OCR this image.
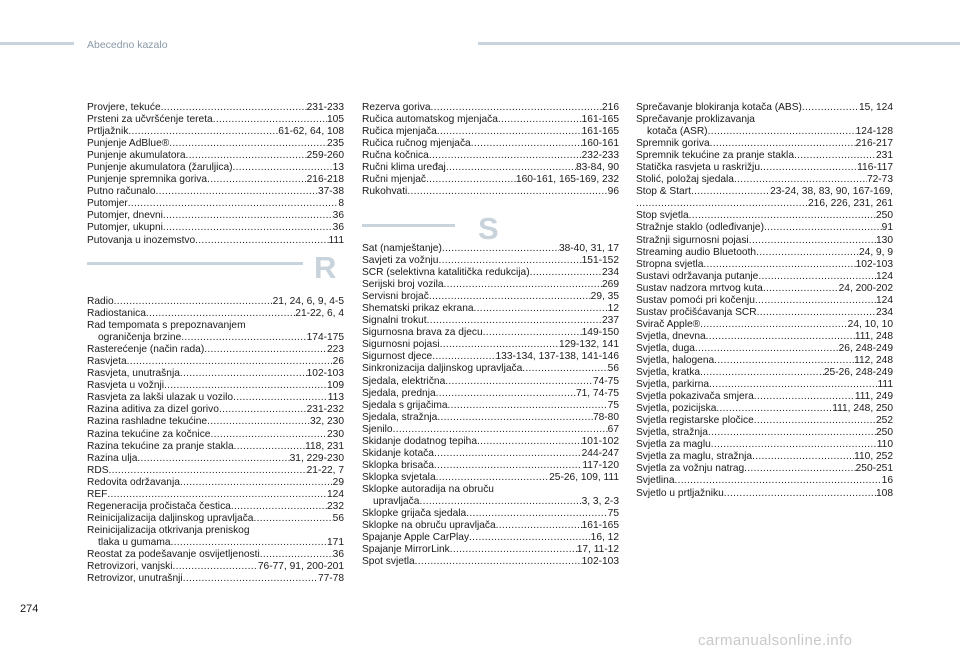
Abecedno kazalo
Provjere, tekuće .....	231-233
Prsteni za učvršćenje tereta .....	105
Prtljažnik .....	61-62, 64, 108
Punjenje AdBlue® .....	235
Punjenje akumulatora .....	259-260
Punjenje akumulatora (žaruljica) .....	13
Punjenje spremnika goriva .....	216-218
Putno računalo .....	37-38
Putomjer .....	8
Putomjer, dnevni .....	36
Putomjer, ukupni .....	36
Putovanja u inozemstvo .....	111
R
Radio .....	21, 24, 6, 9, 4-5
Radiostanica .....	21-22, 6, 4
Rad tempomata s prepoznavanjem
ograničenja brzine .....	174-175
Rasterećenje (način rada) .....	223
Rasvjeta .....	26
Rasvjeta, unutrašnja .....	102-103
Rasvjeta u vožnji .....	109
Rasvjeta za lakši ulazak u vozilo .....	113
Razina aditiva za dizel gorivo .....	231-232
Razina rashladne tekućine .....	32, 230
Razina tekućine za kočnice .....	230
Razina tekućine za pranje stakla .....	118, 231
Razina ulja .....	31, 229-230
RDS .....	21-22, 7
Redovita održavanja .....	29
REF .....	124
Regeneracija pročistača čestica .....	232
Reinicijalizacija daljinskog upravljača .....	56
Reinicijalizacija otkrivanja preniskog
tlaka u gumama .....	171
Reostat za podešavanje osvijetljenosti .....	36
Retrovizori, vanjski .....	76-77, 91, 200-201
Retrovizor, unutrašnji .....	77-78
Rezerva goriva .....	216
Ručica automatskog mjenjača .....	161-165
Ručica mjenjača .....	161-165
Ručica ručnog mjenjača .....	160-161
Ručna kočnica .....	232-233
Ručni klima uređaj .....	83-84, 90
Ručni mjenjač .....	160-161, 165-169, 232
Rukohvati .....	96
S
Sat (namještanje) .....	38-40, 31, 17
Savjeti za vožnju .....	151-152
SCR (selektivna katalitička redukcija) .....	234
Serijski broj vozila .....	269
Servisni brojač .....	29, 35
Shematski prikaz ekrana .....	12
Signalni trokut .....	237
Sigurnosna brava za djecu .....	149-150
Sigurnosni pojasi .....	129-132, 141
Sigurnost djece .....	133-134, 137-138, 141-146
Sinkronizacija daljinskog upravljača .....	56
Sjedala, električna .....	74-75
Sjedala, prednja .....	71, 74-75
Sjedala s grijačima .....	75
Sjedala, stražnja .....	78-80
Sjenilo .....	67
Skidanje dodatnog tepiha .....	101-102
Skidanje kotača .....	244-247
Sklopka brisača .....	117-120
Sklopka svjetala .....	25-26, 109, 111
Sklopke autoradija na obruču
upravljača .....	3, 3, 2-3
Sklopke grijača sjedala .....	75
Sklopke na obruču upravljača .....	161-165
Spajanje Apple CarPlay .....	16, 12
Spajanje MirrorLink .....	17, 11-12
Spot svjetla .....	102-103
Sprečavanje blokiranja kotača (ABS) .....	15, 124
Sprečavanje proklizavanja
kotača (ASR) .....	124-128
Spremnik goriva .....	216-217
Spremnik tekućine za pranje stakla .....	231
Statička rasvjeta u raskrižju .....	116-117
Stolić, položaj sjedala .....	72-73
Stop & Start .....	23-24, 38, 83, 90, 167-169,
.....
216, 226, 231, 261
Stop svjetla .....	250
Stražnje staklo (odleđivanje) .....	91
Stražnji sigurnosni pojasi .....	130
Streaming audio Bluetooth .....	24, 9, 9
Stropna svjetla .....	102-103
Sustavi održavanja putanje .....	124
Sustav nadzora mrtvog kuta .....	24, 200-202
Sustav pomoći pri kočenju .....	124
Sustav pročišćavanja SCR .....	234
Svirač Apple® .....	24, 10, 10
Svjetla, dnevna .....	111, 248
Svjetla, duga .....	26, 248-249
Svjetla, halogena .....	112, 248
Svjetla, kratka .....	25-26, 248-249
Svjetla, parkirna .....	111
Svjetla pokazivača smjera .....	111, 249
Svjetla, pozicijska .....	111, 248, 250
Svjetla registarske pločice .....	252
Svjetla, stražnja .....	250
Svjetla za maglu .....	110
Svjetla za maglu, stražnja .....	110, 252
Svjetla za vožnju natrag .....	250-251
Svjetlina .....	16
Svjetlo u prtljažniku .....	108
274
carmanualsonline.info
